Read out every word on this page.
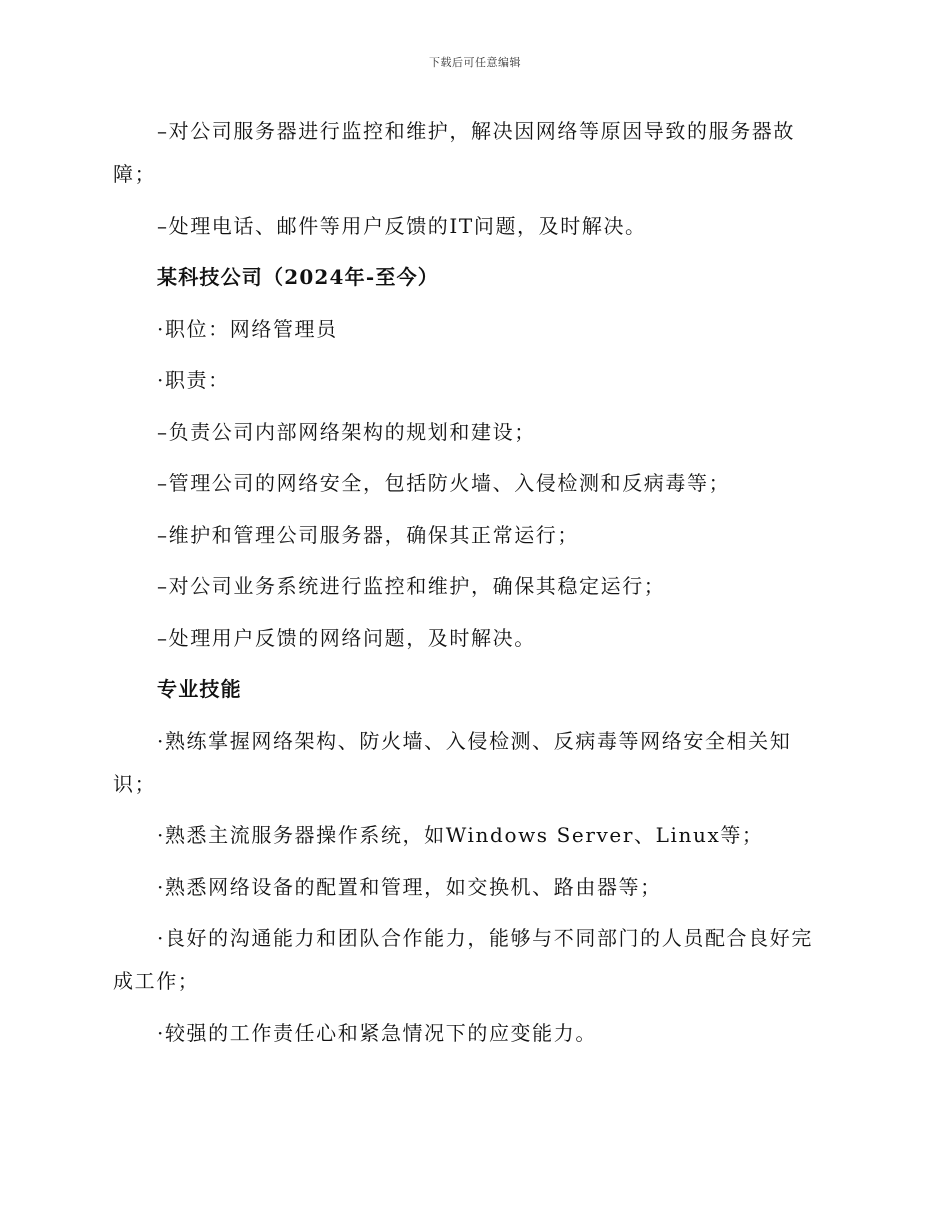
下载后可任意编辑

–对公司服务器进行监控和维护，解决因网络等原因导致的服务器故障；

–处理电话、邮件等用户反馈的IT问题，及时解决。

某科技公司（2024年-至今）

·职位：网络管理员

·职责：

–负责公司内部网络架构的规划和建设；

–管理公司的网络安全，包括防火墙、入侵检测和反病毒等；

–维护和管理公司服务器，确保其正常运行；

–对公司业务系统进行监控和维护，确保其稳定运行；

–处理用户反馈的网络问题，及时解决。

专业技能

·熟练掌握网络架构、防火墙、入侵检测、反病毒等网络安全相关知识；

·熟悉主流服务器操作系统，如Windows Server、Linux等；

·熟悉网络设备的配置和管理，如交换机、路由器等；

·良好的沟通能力和团队合作能力，能够与不同部门的人员配合良好完成工作；

·较强的工作责任心和紧急情况下的应变能力。
